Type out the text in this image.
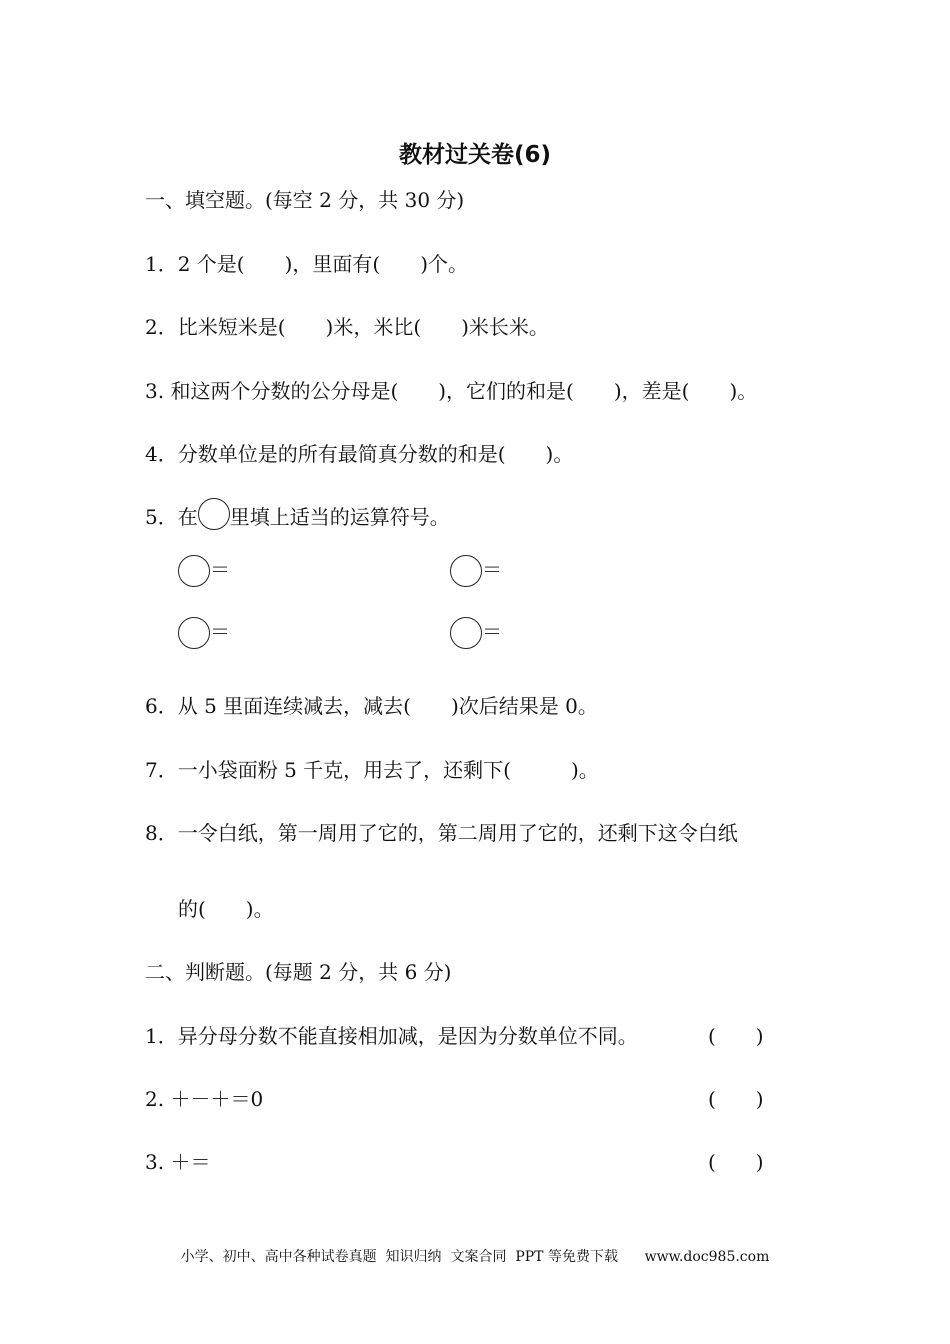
教材过关卷(6)
一、填空题。(每空 2 分，共 30 分)
1．2 个是(　　)，里面有(　　)个。
2．比米短米是(　　)米，米比(　　)米长米。
3. 和这两个分数的公分母是(　　)，它们的和是(　　)，差是(　　)。
4．分数单位是的所有最简真分数的和是(　　)。
5．在 里填上适当的运算符号。
＝	＝
＝	＝
6．从 5 里面连续减去，减去(　　)次后结果是 0。
7．一小袋面粉 5 千克，用去了，还剩下(　　　)。
8．一令白纸，第一周用了它的，第二周用了它的，还剩下这令白纸
的(　　)。
二、判断题。(每题 2 分，共 6 分)
1．异分母分数不能直接相加减，是因为分数单位不同。	(　　)
2. ＋－＋＝0	(　　)
3. ＋＝	(　　)
小学、初中、高中各种试卷真题  知识归纳  文案合同  PPT 等免费下载      www.doc985.com
